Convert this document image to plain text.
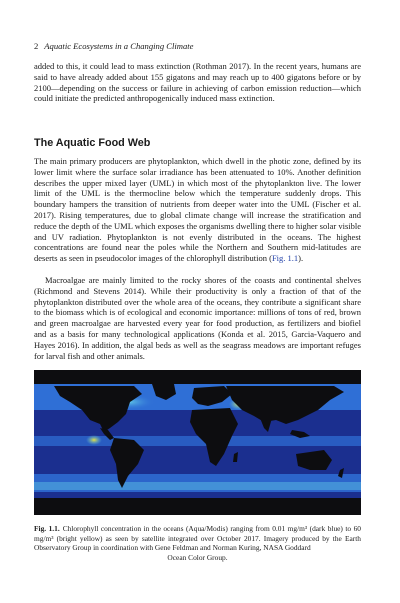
2 Aquatic Ecosystems in a Changing Climate

added to this, it could lead to mass extinction (Rothman 2017). In the recent years, humans are said to have already added about 155 gigatons and may reach up to 400 gigatons before or by 2100—depending on the success or failure in achieving of carbon emission reduction—which could initiate the predicted anthropogenically induced mass extinction.

The Aquatic Food Web

The main primary producers are phytoplankton, which dwell in the photic zone, defined by its lower limit where the surface solar irradiance has been attenuated to 10%. Another definition describes the upper mixed layer (UML) in which most of the phytoplankton live. The lower limit of the UML is the thermocline below which the temperature suddenly drops. This boundary hampers the transition of nutrients from deeper water into the UML (Fischer et al. 2017). Rising temperatures, due to global climate change will increase the stratification and reduce the depth of the UML which exposes the organisms dwelling there to higher solar visible and UV radiation. Phytoplankton is not evenly distributed in the oceans. The highest concentrations are found near the poles while the Northern and Southern mid-latitudes are deserts as seen in pseudocolor images of the chlorophyll distribution (Fig. 1.1).

Macroalgae are mainly limited to the rocky shores of the coasts and continental shelves (Richmond and Stevens 2014). While their productivity is only a fraction of that of the phytoplankton distributed over the whole area of the oceans, they contribute a significant share to the biomass which is of ecological and economic importance: millions of tons of red, brown and green macroalgae are harvested every year for food production, as fertilizers and biofiel and as a basis for many technological applications (Konda et al. 2015, Garcia-Vaquero and Hayes 2016). In addition, the algal beds as well as the seagrass meadows are important refuges for larval fish and other animals.

Fig. 1.1. Chlorophyll concentration in the oceans (Aqua/Modis) ranging from 0.01 mg/m³ (dark blue) to 60 mg/m³ (bright yellow) as seen by satellite integrated over October 2017. Imagery produced by the Earth Observatory Group in coordination with Gene Feldman and Norman Kuring, NASA Goddard
Ocean Color Group.
